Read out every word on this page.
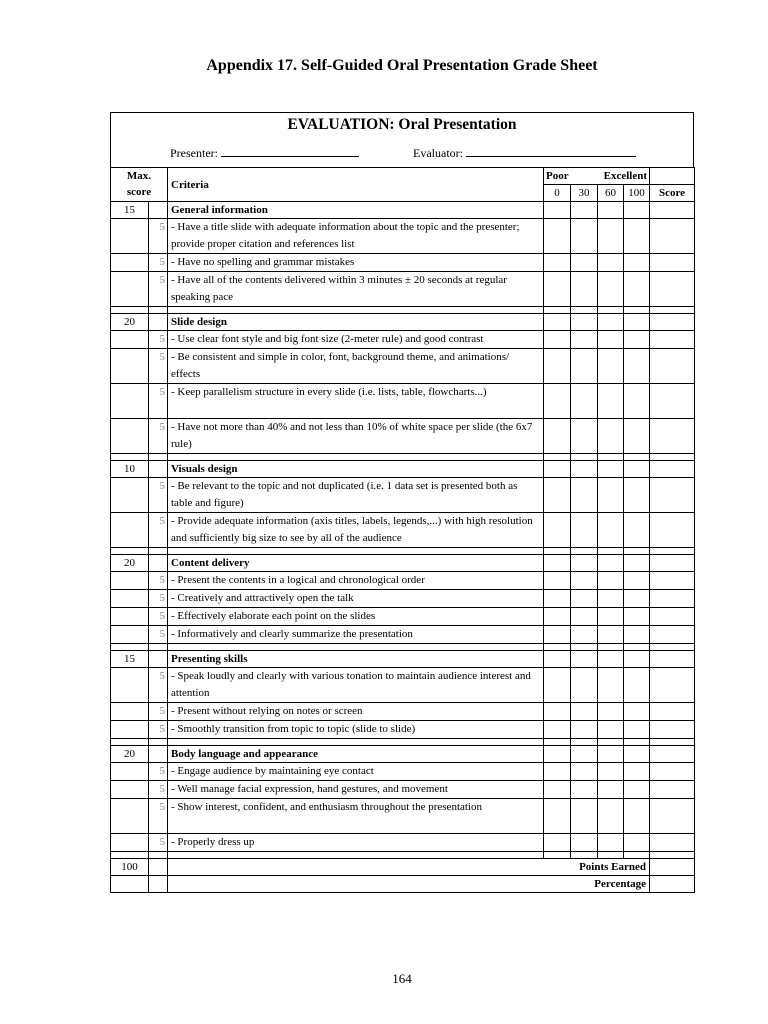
Appendix 17. Self-Guided Oral Presentation Grade Sheet
EVALUATION: Oral Presentation
Presenter:	Evaluator:
Max. score		Criteria	Poor Excellent				

			0	30	60	100	Score
15		General information					
	5	- Have a title slide with adequate information about the topic and the presenter; provide proper citation and references list					
	5	- Have no spelling and grammar mistakes					
	5	- Have all of the contents delivered within 3 minutes ± 20 seconds at regular speaking pace					

20		Slide design					
	5	- Use clear font style and big font size (2-meter rule) and good contrast					
	5	- Be consistent and simple in color, font, background theme, and animations/ effects					
	5	- Keep parallelism structure in every slide (i.e. lists, table, flowcharts...)					
	5	- Have not more than 40% and not less than 10% of white space per slide (the 6x7 rule)					

10		Visuals design					
	5	- Be relevant to the topic and not duplicated (i.e. 1 data set is presented both as table and figure)					
	5	- Provide adequate information (axis titles, labels, legends,...) with high resolution and sufficiently big size to see by all of the audience					

20		Content delivery					
	5	- Present the contents in a logical and chronological order					
	5	- Creatively and attractively open the talk					
	5	- Effectively elaborate each point on the slides					
	5	- Informatively and clearly summarize the presentation					

15		Presenting skills					
	5	- Speak loudly and clearly with various tonation to maintain audience interest and attention					
	5	- Present without relying on notes or screen					
	5	- Smoothly transition from topic to topic (slide to slide)					

20		Body language and appearance					
	5	- Engage audience by maintaining eye contact					
	5	- Well manage facial expression, hand gestures, and movement					
	5	- Show interest, confident, and enthusiasm throughout the presentation					
	5	- Properly dress up					

100		Points Earned					
		Percentage					
164
